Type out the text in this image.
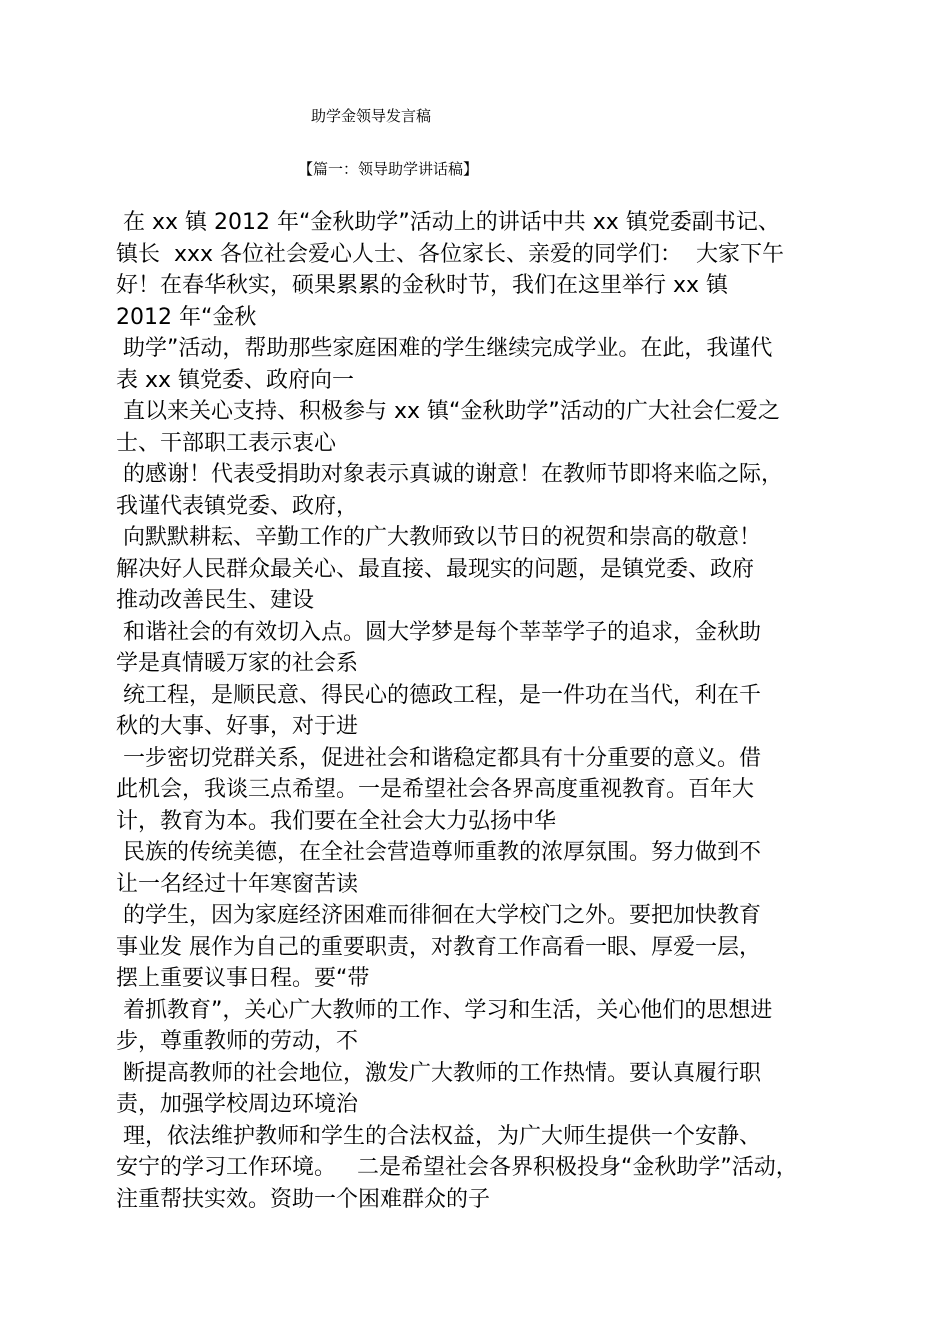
助学金领导发言稿
【篇一：领导助学讲话稿】
在 xx 镇 2012 年“金秋助学”活动上的讲话中共 xx 镇党委副书记、
镇长  xxx 各位社会爱心人士、各位家长、亲爱的同学们：  大家下午
好！在春华秋实，硕果累累的金秋时节，我们在这里举行 xx 镇
2012 年“金秋
助学”活动，帮助那些家庭困难的学生继续完成学业。在此，我谨代
表 xx 镇党委、政府向一
直以来关心支持、积极参与 xx 镇“金秋助学”活动的广大社会仁爱之
士、干部职工表示衷心
的感谢！代表受捐助对象表示真诚的谢意！在教师节即将来临之际，
我谨代表镇党委、政府，
向默默耕耘、辛勤工作的广大教师致以节日的祝贺和崇高的敬意！
解决好人民群众最关心、最直接、最现实的问题，是镇党委、政府
推动改善民生、建设
和谐社会的有效切入点。圆大学梦是每个莘莘学子的追求，金秋助
学是真情暖万家的社会系
统工程，是顺民意、得民心的德政工程，是一件功在当代，利在千
秋的大事、好事，对于进
一步密切党群关系，促进社会和谐稳定都具有十分重要的意义。借
此机会，我谈三点希望。一是希望社会各界高度重视教育。百年大
计，教育为本。我们要在全社会大力弘扬中华
民族的传统美德，在全社会营造尊师重教的浓厚氛围。努力做到不
让一名经过十年寒窗苦读
的学生，因为家庭经济困难而徘徊在大学校门之外。要把加快教育
事业发 展作为自己的重要职责，对教育工作高看一眼、厚爱一层，
摆上重要议事日程。要“带
着抓教育”，关心广大教师的工作、学习和生活，关心他们的思想进
步，尊重教师的劳动，不
断提高教师的社会地位，激发广大教师的工作热情。要认真履行职
责，加强学校周边环境治
理，依法维护教师和学生的合法权益，为广大师生提供一个安静、
安宁的学习工作环境。   二是希望社会各界积极投身“金秋助学”活动，
注重帮扶实效。资助一个困难群众的子
